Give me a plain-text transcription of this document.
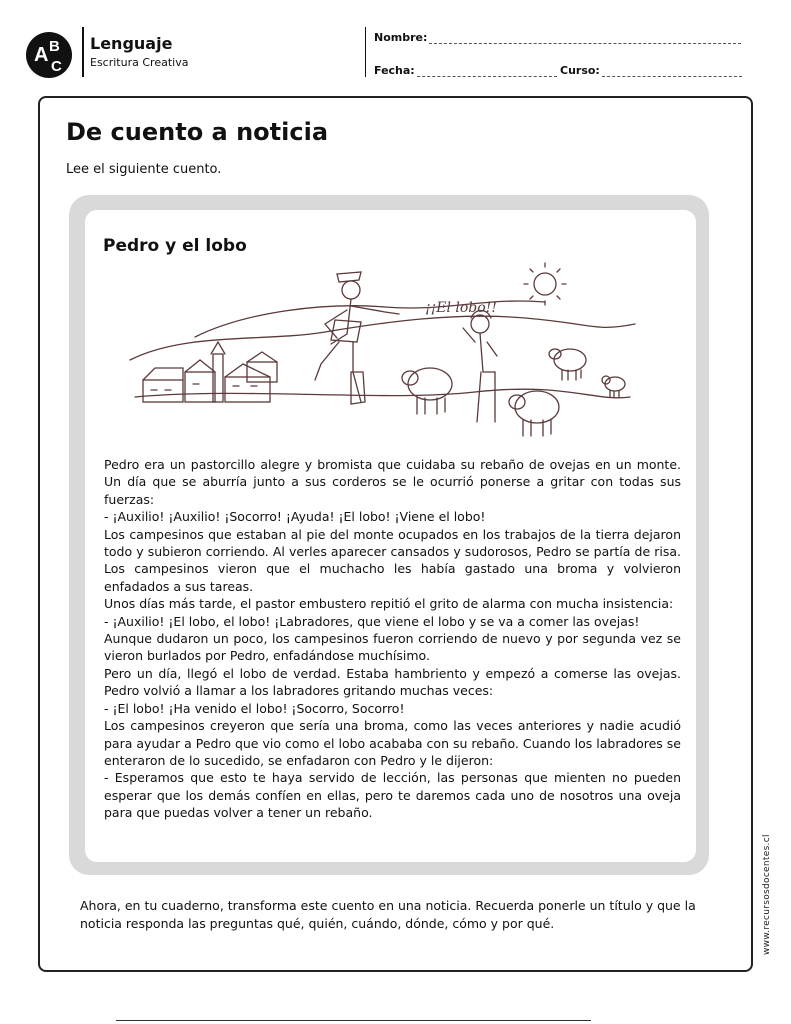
A B
C
Lenguaje
Escritura Creativa
Nombre:
Fecha:	Curso:
De cuento a noticia
Lee el siguiente cuento.
Pedro y el lobo
¡¡El lobo!!

Pedro era un pastorcillo alegre y bromista que cuidaba su rebaño de ovejas en un monte. Un día que se aburría junto a sus corderos se le ocurrió ponerse a gritar con todas sus fuerzas:

- ¡Auxilio! ¡Auxilio! ¡Socorro! ¡Ayuda! ¡El lobo! ¡Viene el lobo!

Los campesinos que estaban al pie del monte ocupados en los trabajos de la tierra dejaron todo y subieron corriendo. Al verles aparecer cansados y sudorosos, Pedro se partía de risa. Los campesinos vieron que el muchacho les había gastado una broma y volvieron enfadados a sus tareas.

Unos días más tarde, el pastor embustero repitió el grito de alarma con mucha insistencia:

- ¡Auxilio! ¡El lobo, el lobo! ¡Labradores, que viene el lobo y se va a comer las ovejas!

Aunque dudaron un poco, los campesinos fueron corriendo de nuevo y por segunda vez se vieron burlados por Pedro, enfadándose muchísimo.

Pero un día, llegó el lobo de verdad. Estaba hambriento y empezó a comerse las ovejas. Pedro volvió a llamar a los labradores gritando muchas veces:

- ¡El lobo! ¡Ha venido el lobo! ¡Socorro, Socorro!

Los campesinos creyeron que sería una broma, como las veces anteriores y nadie acudió para ayudar a Pedro que vio como el lobo acababa con su rebaño. Cuando los labradores se enteraron de lo sucedido, se enfadaron con Pedro y le dijeron:

- Esperamos que esto te haya servido de lección, las personas que mienten no pueden esperar que los demás confíen en ellas, pero te daremos cada uno de nosotros una oveja para que puedas volver a tener un rebaño.

Ahora, en tu cuaderno, transforma este cuento en una noticia. Recuerda ponerle un título y que la noticia responda las preguntas qué, quién, cuándo, dónde, cómo y por qué.	www.recursosdocentes.cl
